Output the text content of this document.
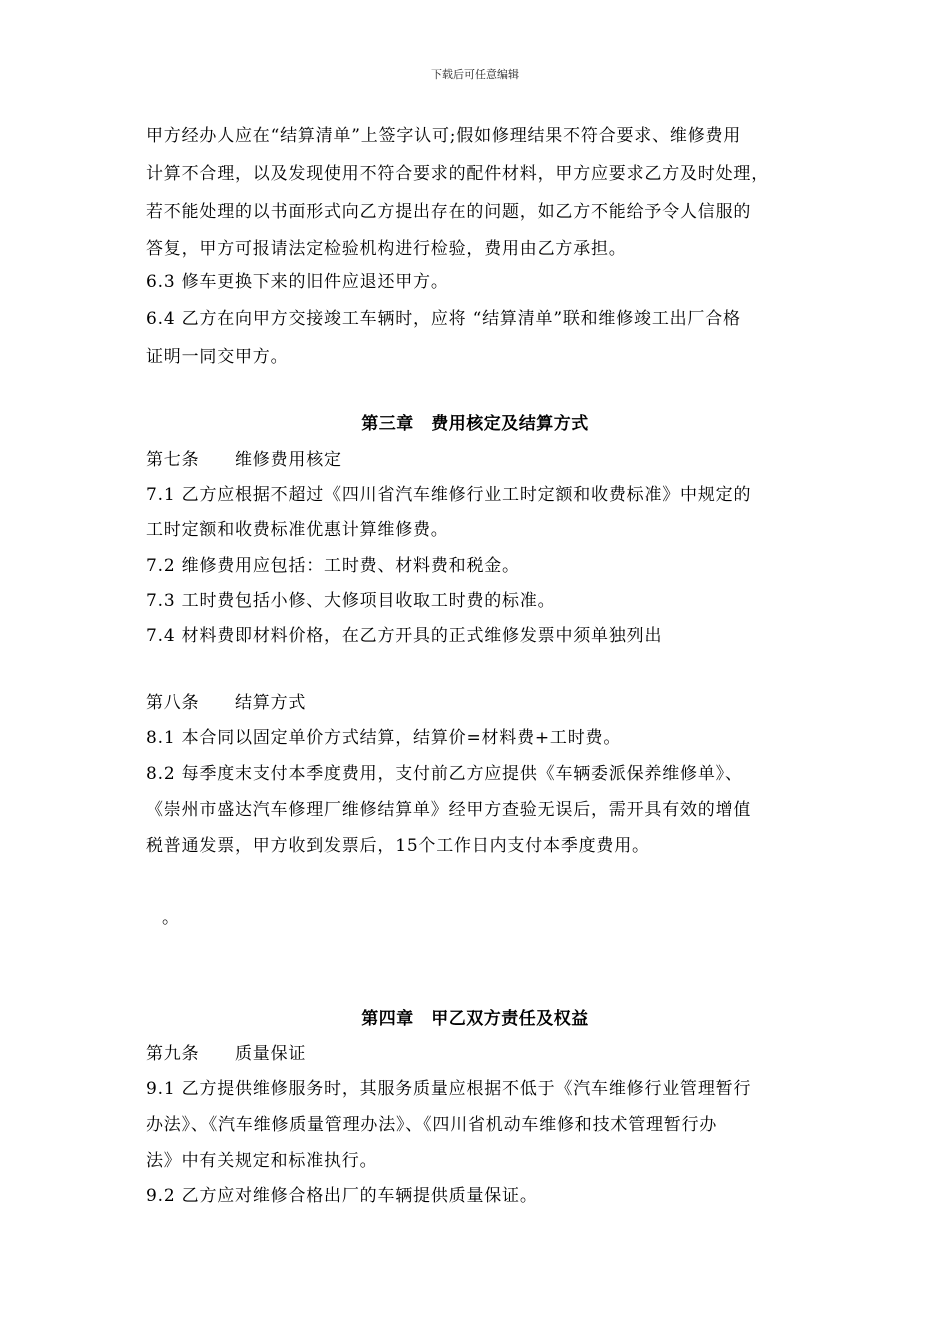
下载后可任意编辑
甲方经办人应在“结算清单”上签字认可;假如修理结果不符合要求、维修费用
计算不合理，以及发现使用不符合要求的配件材料，甲方应要求乙方及时处理，
若不能处理的以书面形式向乙方提出存在的问题，如乙方不能给予令人信服的
答复，甲方可报请法定检验机构进行检验，费用由乙方承担。
6.3 修车更换下来的旧件应退还甲方。
6.4 乙方在向甲方交接竣工车辆时，应将 “结算清单”联和维修竣工出厂合格
证明一同交甲方。
第三章　费用核定及结算方式
第七条　　维修费用核定
7.1 乙方应根据不超过《四川省汽车维修行业工时定额和收费标准》中规定的
工时定额和收费标准优惠计算维修费。
7.2 维修费用应包括：工时费、材料费和税金。
7.3 工时费包括小修、大修项目收取工时费的标准。
7.4 材料费即材料价格，在乙方开具的正式维修发票中须单独列出
第八条　　结算方式
8.1 本合同以固定单价方式结算，结算价=材料费+工时费。
8.2 每季度末支付本季度费用，支付前乙方应提供《车辆委派保养维修单》、
《崇州市盛达汽车修理厂维修结算单》经甲方查验无误后，需开具有效的增值
税普通发票，甲方收到发票后，15个工作日内支付本季度费用。
。
第四章　甲乙双方责任及权益
第九条　　质量保证
9.1 乙方提供维修服务时，其服务质量应根据不低于《汽车维修行业管理暂行
办法》、《汽车维修质量管理办法》、《四川省机动车维修和技术管理暂行办
法》中有关规定和标准执行。
9.2 乙方应对维修合格出厂的车辆提供质量保证。
